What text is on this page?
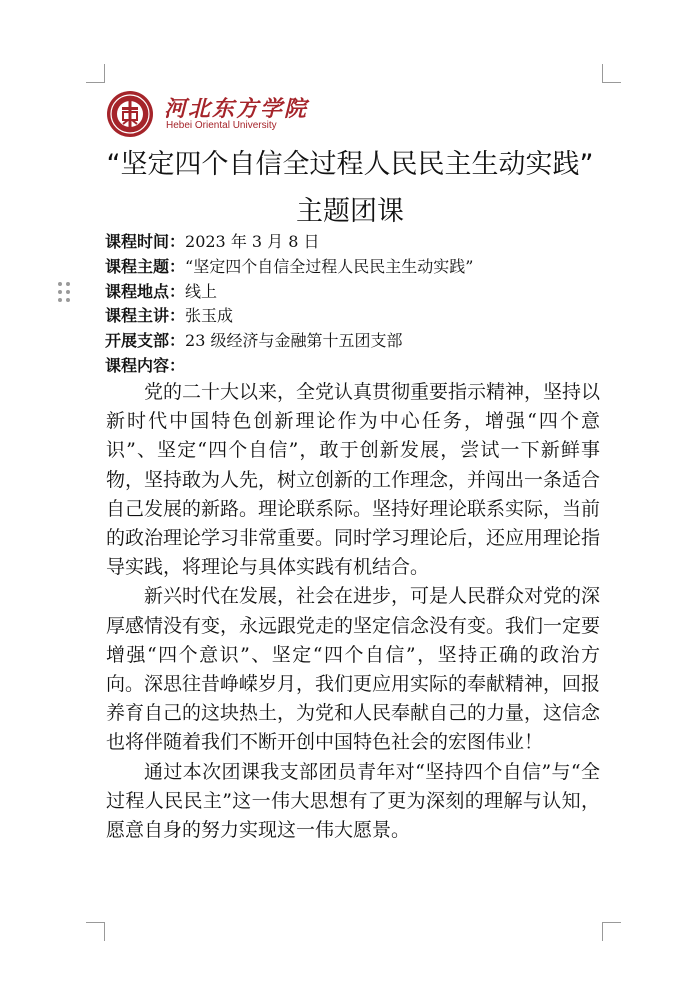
河北东方学院
Hebei Oriental University
“坚定四个自信全过程人民民主生动实践”
主题团课
课程时间：2023 年 3 月 8 日
课程主题：“坚定四个自信全过程人民民主生动实践”
课程地点：线上
课程主讲：张玉成
开展支部：23 级经济与金融第十五团支部
课程内容：

党的二十大以来，全党认真贯彻重要指示精神，坚持以新时代中国特色创新理论作为中心任务，增强“四个意识”、坚定“四个自信”，敢于创新发展，尝试一下新鲜事物，坚持敢为人先，树立创新的工作理念，并闯出一条适合自己发展的新路。理论联系际。坚持好理论联系实际，当前的政治理论学习非常重要。同时学习理论后，还应用理论指导实践，将理论与具体实践有机结合。

新兴时代在发展，社会在进步，可是人民群众对党的深厚感情没有变，永远跟党走的坚定信念没有变。我们一定要增强“四个意识”、坚定“四个自信”，坚持正确的政治方向。深思往昔峥嵘岁月，我们更应用实际的奉献精神，回报养育自己的这块热土，为党和人民奉献自己的力量，这信念也将伴随着我们不断开创中国特色社会的宏图伟业！

通过本次团课我支部团员青年对“坚持四个自信”与“全过程人民民主”这一伟大思想有了更为深刻的理解与认知，愿意自身的努力实现这一伟大愿景。
